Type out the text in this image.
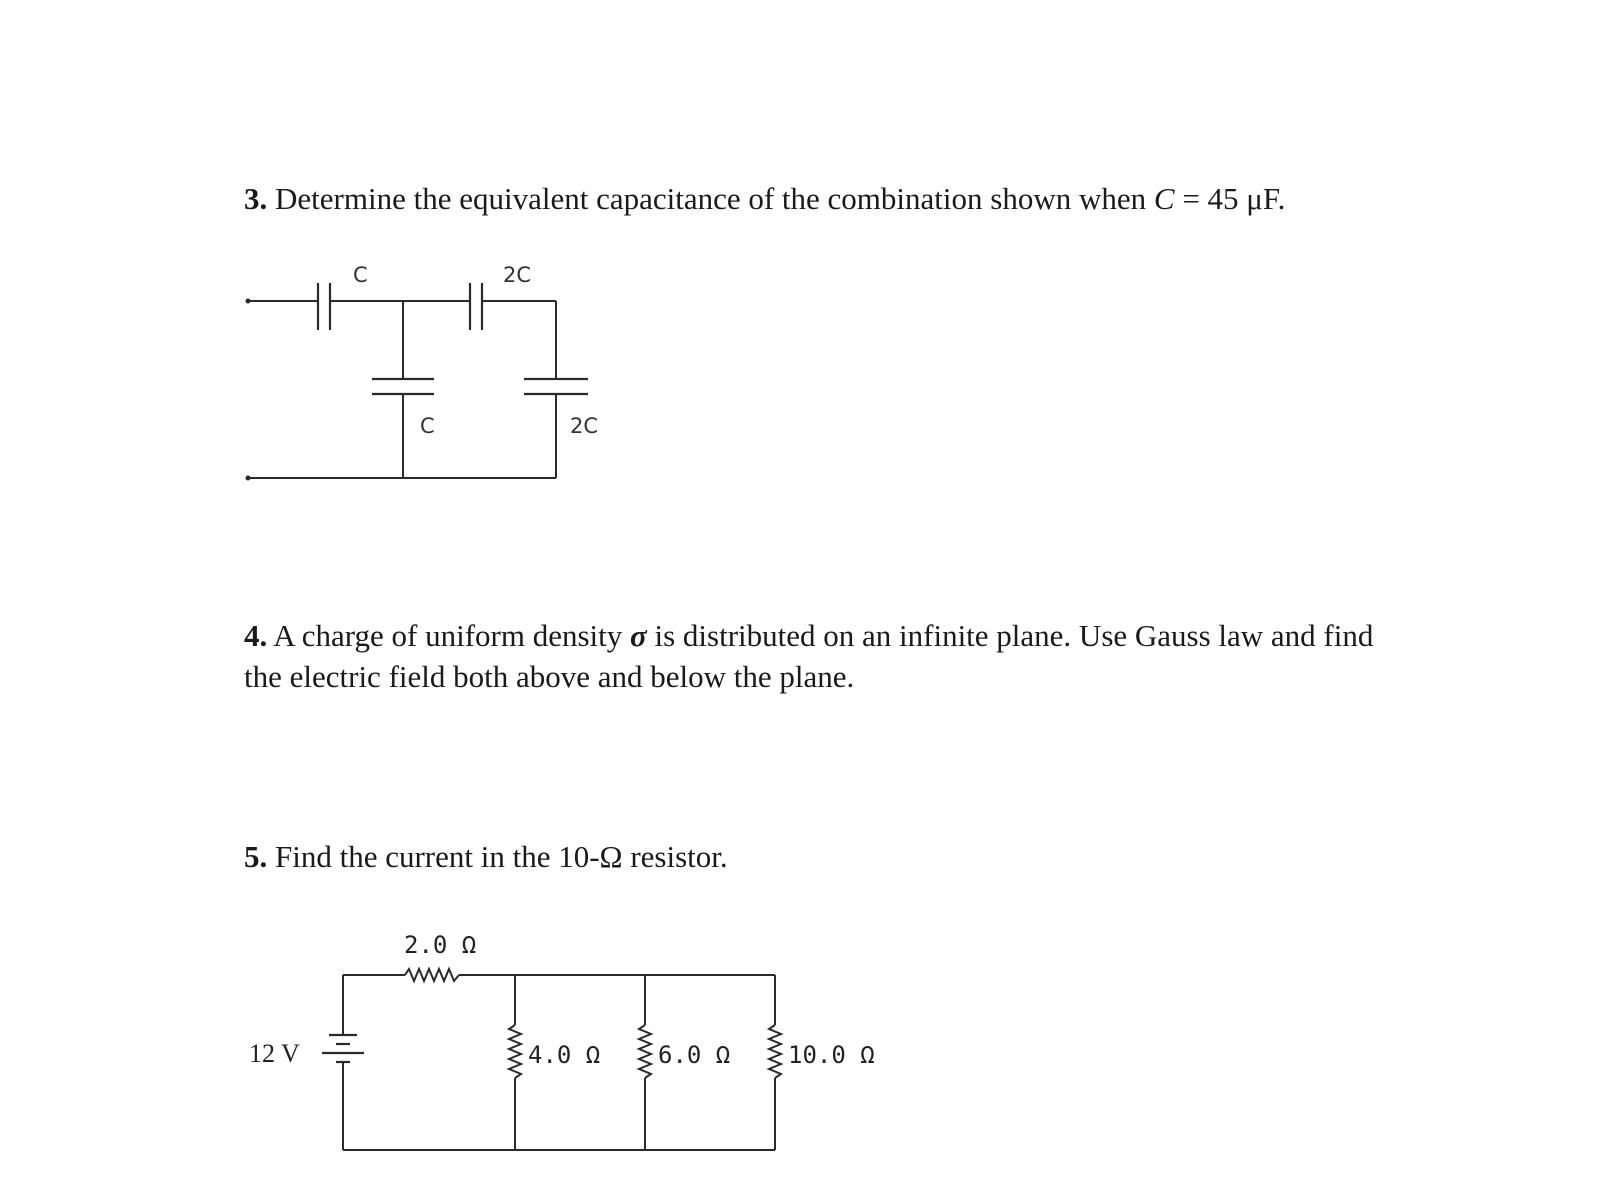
3. Determine the equivalent capacitance of the combination shown when C = 45 μF.

C	2C
C	2C

4. A charge of uniform density σ is distributed on an infinite plane. Use Gauss law and find
the electric field both above and below the plane.

5. Find the current in the 10-Ω resistor.

2.0 Ω
12 V	4.0 Ω 6.0 Ω 10.0 Ω
